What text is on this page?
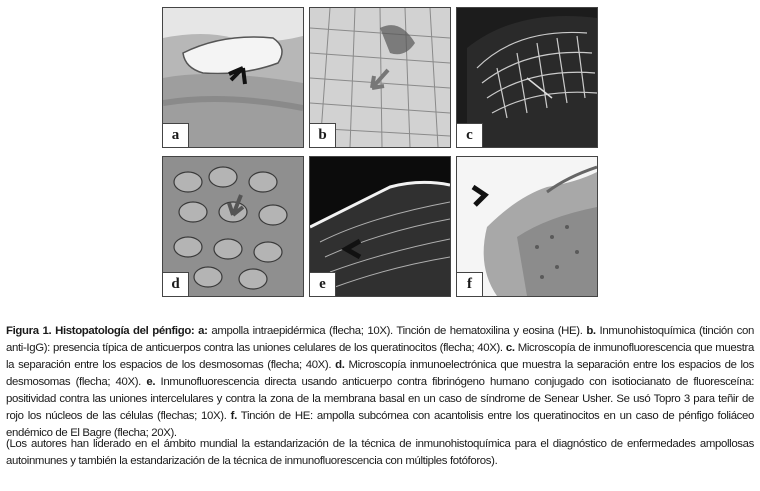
a	b	c
d	e	f

Figura 1. Histopatología del pénfigo: a: ampolla intraepidérmica (flecha; 10X). Tinción de hematoxilina y eosina (HE). b. Inmunohistoquímica (tinción con anti-IgG): presencia típica de anticuerpos contra las uniones celulares de los queratinocitos (flecha; 40X). c. Microscopía de inmunofluorescencia que muestra la separación entre los espacios de los desmosomas (flecha; 40X). d. Microscopía inmunoelectrónica que muestra la separación entre los espacios de los desmosomas (flecha; 40X). e. Inmunofluorescencia directa usando anticuerpo contra fibrinógeno humano conjugado con isotiocianato de fluoresceína: positividad contra las uniones intercelulares y contra la zona de la membrana basal en un caso de síndrome de Senear Usher. Se usó Topro 3 para teñir de rojo los núcleos de las células (flechas; 10X). f. Tinción de HE: ampolla subcórnea con acantolisis entre los queratinocitos en un caso de pénfigo foliáceo endémico de El Bagre (flecha; 20X).

(Los autores han liderado en el ámbito mundial la estandarización de la técnica de inmunohistoquímica para el diagnóstico de enfermedades ampollosas autoinmunes y también la estandarización de la técnica de inmunofluorescencia con múltiples fotóforos).
